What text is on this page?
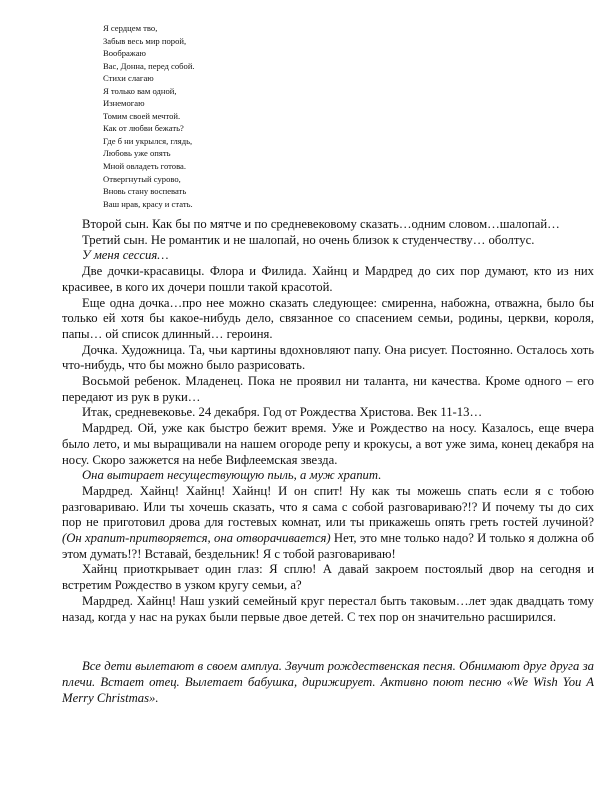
Я сердцем тво,
Забыв весь мир порой,
Воображаю
Вас, Донна, перед собой.
Стихи слагаю
Я только вам одной,
Изнемогаю
Томим своей мечтой.
Как от любви бежать?
Где б ни укрылся, глядь,
Любовь уже опять
Мной овладеть готова.
Отвергнутый сурово,
Вновь стану воспевать
Ваш нрав, красу и стать.

Второй сын. Как бы по мятче и по средневековому сказать…одним словом…шалопай…

Третий сын. Не романтик и не шалопай, но очень близок к студенчеству… оболтус.

У меня сессия…

Две дочки-красавицы. Флора и Филида. Хайнц и Мардред до сих пор думают, кто из них красивее, в кого их дочери пошли такой красотой.

Еще одна дочка…про нее можно сказать следующее: смиренна, набожна, отважна, было бы только ей хотя бы какое-нибудь дело, связанное со спасением семьи, родины, церкви, короля, папы… ой список длинный… героиня.

Дочка. Художница. Та, чьи картины вдохновляют папу. Она рисует. Постоянно. Осталось хоть что-нибудь, что бы можно было разрисовать.

Восьмой ребенок. Младенец. Пока не проявил ни таланта, ни качества. Кроме одного – его передают из рук в руки…

Итак, средневековье. 24 декабря. Год от Рождества Христова. Век 11-13…

Мардред. Ой, уже как быстро бежит время. Уже и Рождество на носу. Казалось, еще вчера было лето, и мы выращивали на нашем огороде репу и крокусы, а вот уже зима, конец декабря на носу. Скоро зажжется на небе Вифлеемская звезда.

Она вытирает несуществующую пыль, а муж храпит.

Мардред. Хайнц! Хайнц! Хайнц! И он спит! Ну как ты можешь спать если я с тобою разговариваю. Или ты хочешь сказать, что я сама с собой разговариваю?!? И почему ты до сих пор не приготовил дрова для гостевых комнат, или ты прикажешь опять греть гостей лучиной? (Он храпит-притворяется, она отворачивается) Нет, это мне только надо? И только я должна об этом думать!?! Вставай, бездельник! Я с тобой разговариваю!

Хайнц приоткрывает один глаз: Я сплю! А давай закроем постоялый двор на сегодня и встретим Рождество в узком кругу семьи, а?

Мардред. Хайнц! Наш узкий семейный круг перестал быть таковым…лет эдак двадцать тому назад, когда у нас на руках были первые двое детей. С тех пор он значительно расширился.

Все дети вылетают в своем амплуа. Звучит рождественская песня. Обнимают друг друга за плечи. Встает отец. Вылетает бабушка, дирижирует. Активно поют песню «We Wish You A Merry Christmas».
